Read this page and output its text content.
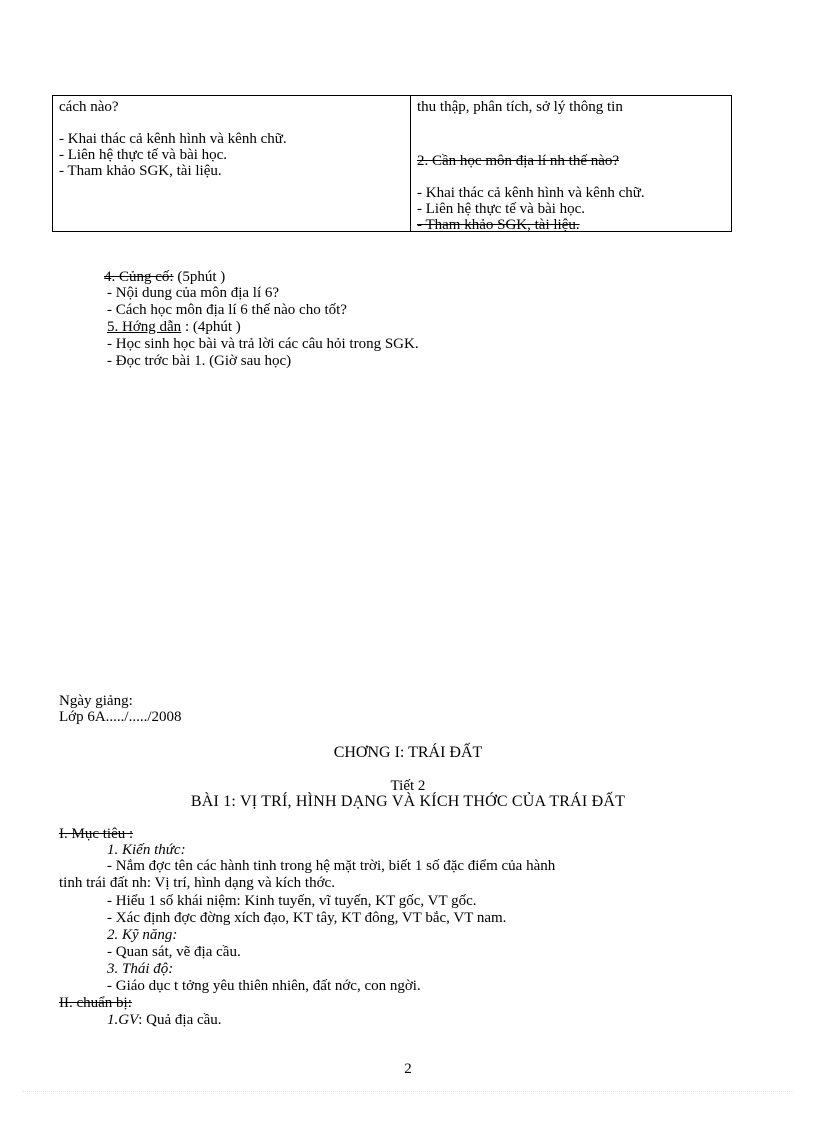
cách nào?
- Khai thác cả kênh hình và kênh chữ.
- Liên hệ thực tế và bài học.
- Tham khảo SGK, tài liệu.
thu thập, phân tích, sở lý thông tin
2. Cần học môn địa lí nh thế nào?
- Khai thác cả kênh hình và kênh chữ.
- Liên hệ thực tế và bài học.
- Tham khảo SGK, tài liệu.
4. Củng cố: (5phút )
- Nội dung của môn địa lí 6?
- Cách học môn địa lí 6 thế nào cho tốt?
5. Hớng dẫn : (4phút )
- Học sinh học bài và trả lời các câu hỏi trong SGK.
- Đọc trớc bài 1. (Giờ sau học)
Ngày giảng:
Lớp 6A...../...../2008
CHƠNG I: TRÁI ĐẤT
Tiết 2
BÀI 1: VỊ TRÍ, HÌNH DẠNG VÀ KÍCH THỚC CỦA TRÁI ĐẤT
I. Mục tiêu :
1. Kiến thức:
- Nắm đợc tên các hành tinh trong hệ mặt trời, biết 1 số đặc điểm của hành
tinh trái đất nh: Vị trí, hình dạng và kích thớc.
- Hiểu 1 số khái niệm: Kinh tuyến, vĩ tuyến, KT gốc, VT gốc.
- Xác định đợc đờng xích đạo, KT tây, KT đông, VT bắc, VT nam.
2. Kỹ năng:
- Quan sát, vẽ địa cầu.
3. Thái độ:
- Giáo dục t tởng yêu thiên nhiên, đất nớc, con ngời.
II. chuẩn bị:
1.GV: Quả địa cầu.
2
